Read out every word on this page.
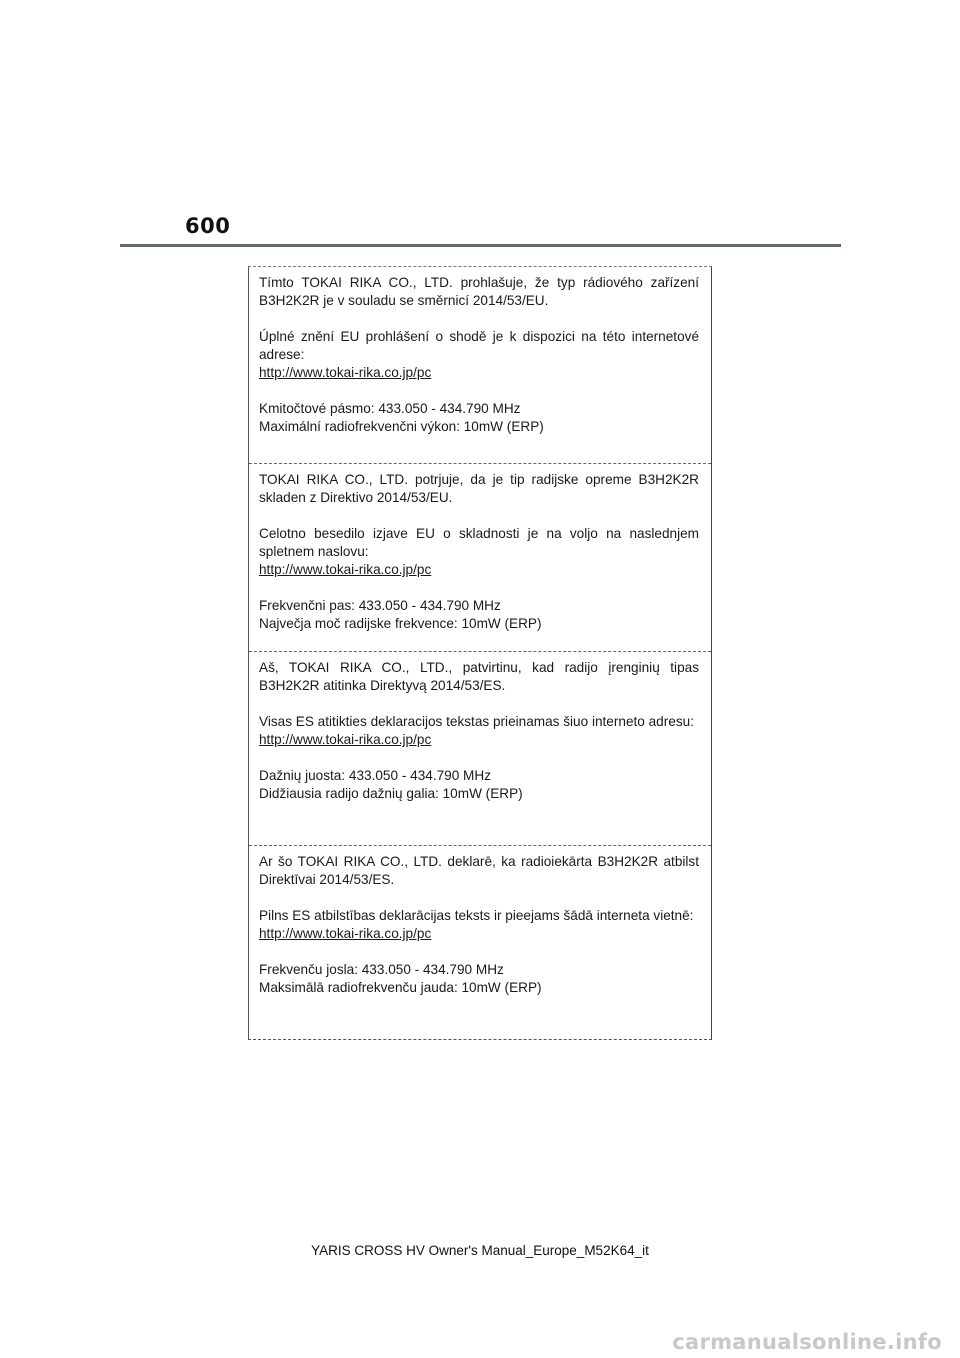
600

Tímto TOKAI RIKA CO., LTD. prohlašuje, že typ rádiového zařízení B3H2K2R je v souladu se směrnicí 2014/53/EU.

Úplné znění EU prohlášení o shodě je k dispozici na této internetové adrese:

http://www.tokai-rika.co.jp/pc

Kmitočtové pásmo: 433.050 - 434.790 MHz

Maximální radiofrekvenčni výkon: 10mW (ERP)

TOKAI RIKA CO., LTD. potrjuje, da je tip radijske opreme B3H2K2R skladen z Direktivo 2014/53/EU.

Celotno besedilo izjave EU o skladnosti je na voljo na naslednjem spletnem naslovu:

http://www.tokai-rika.co.jp/pc

Frekvenčni pas: 433.050 - 434.790 MHz

Največja moč radijske frekvence: 10mW (ERP)

Aš, TOKAI RIKA CO., LTD., patvirtinu, kad radijo įrenginių tipas B3H2K2R atitinka Direktyvą 2014/53/ES.

Visas ES atitikties deklaracijos tekstas prieinamas šiuo interneto adresu:

http://www.tokai-rika.co.jp/pc

Dažnių juosta: 433.050 - 434.790 MHz

Didžiausia radijo dažnių galia: 10mW (ERP)

Ar šo TOKAI RIKA CO., LTD. deklarē, ka radioiekārta B3H2K2R atbilst Direktīvai 2014/53/ES.

Pilns ES atbilstības deklarācijas teksts ir pieejams šādā interneta vietnē:

http://www.tokai-rika.co.jp/pc

Frekvenču josla: 433.050 - 434.790 MHz

Maksimālā radiofrekvenču jauda: 10mW (ERP)

YARIS CROSS HV Owner's Manual_Europe_M52K64_it
carmanualsonline.info
